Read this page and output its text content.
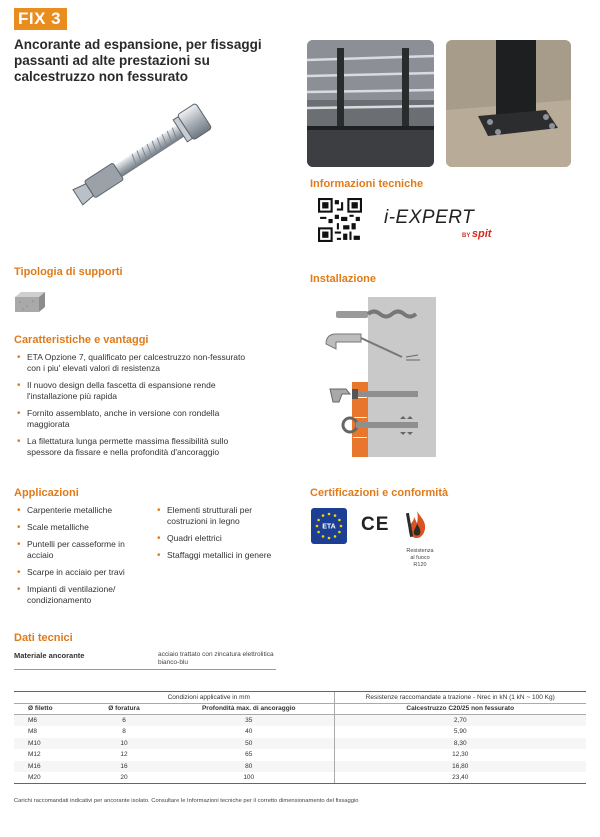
FIX 3
Ancorante ad espansione, per fissaggi passanti ad alte prestazioni su calcestruzzo non fessurato
Informazioni tecniche
i-EXPERT
BY spit
Tipologia di supporti
Installazione
Caratteristiche e vantaggi
• ETA Opzione 7, qualificato per calcestruzzo non-fessurato con i piu' elevati valori di resistenza
• Il nuovo design della fascetta di espansione rende l'installazione più rapida
• Fornito assemblato, anche in versione con rondella maggiorata
• La filettatura lunga permette massima flessibilità sullo spessore da fissare e nella profondità d'ancoraggio
Certificazioni e conformità
ETA CE
Resistenza
al fuoco
R120
Applicazioni
• Carpenterie metalliche
• Scale metalliche
• Puntelli per casseforme in acciaio
• Scarpe in acciaio per travi
• Impianti di ventilazione/ condizionamento
• Elementi strutturali per costruzioni in legno
• Quadri elettrici
• Staffaggi metallici in genere
Dati tecnici
Materiale ancorante	acciaio trattato con zincatura elettrolitica bianco-blu
	Condizioni applicative in mm		Resistenze raccomandate a trazione - Nrec in kN (1 kN ~ 100 Kg)
Ø filetto	Ø foratura	Profondità max. di ancoraggio	Calcestruzzo C20/25 non fessurato
M6	6	35	2,70
M8	8	40	5,90
M10	10	50	8,30
M12	12	65	12,30
M16	16	80	16,80
M20	20	100	23,40
Carichi raccomandati indicativi per ancorante isolato. Consultare le Informazioni tecniche per il corretto dimensionamento del fissaggio
